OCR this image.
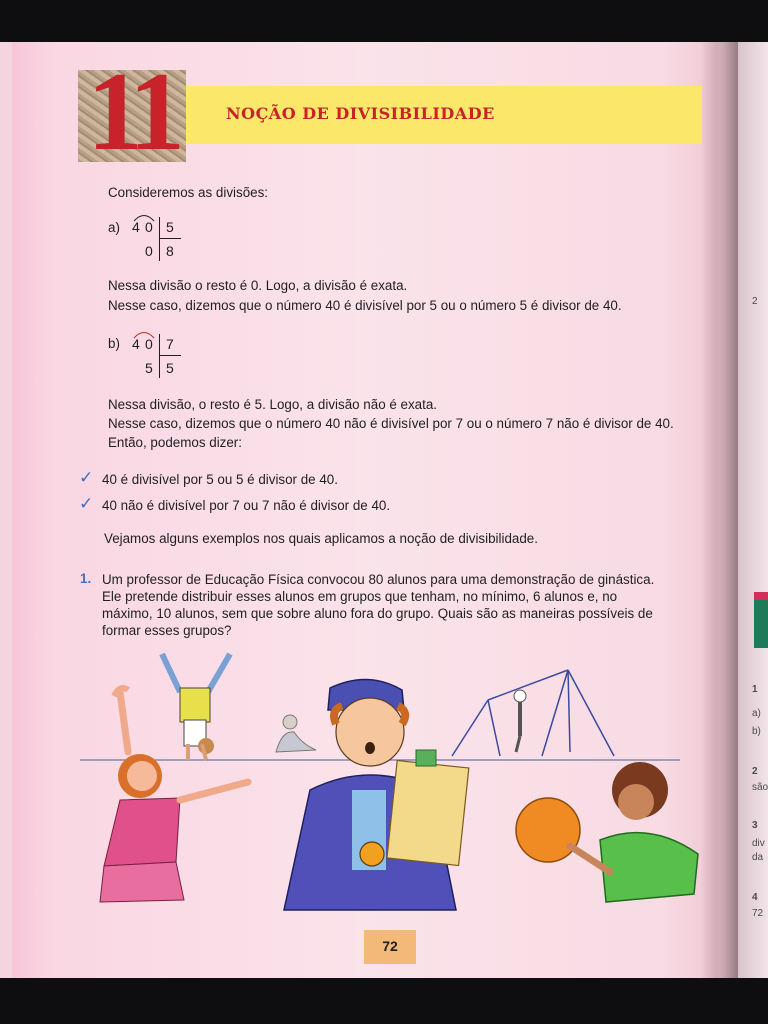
2
1
a)
b)
2
são
3
div
da
4
72
11	NOÇÃO DE DIVISIBILIDADE
Consideremos as divisões:
a) 4 0 5
0 8
Nessa divisão o resto é 0. Logo, a divisão é exata.
Nesse caso, dizemos que o número 40 é divisível por 5 ou o número 5 é divisor de 40.
b) 4 0 7
5 5
Nessa divisão, o resto é 5. Logo, a divisão não é exata.
Nesse caso, dizemos que o número 40 não é divisível por 7 ou o número 7 não é divisor de 40.
Então, podemos dizer:
✓ 40 é divisível por 5 ou 5 é divisor de 40.
✓ 40 não é divisível por 7 ou 7 não é divisor de 40.
Vejamos alguns exemplos nos quais aplicamos a noção de divisibilidade.
1. Um professor de Educação Física convocou 80 alunos para uma demonstração de ginástica.
Ele pretende distribuir esses alunos em grupos que tenham, no mínimo, 6 alunos e, no
máximo, 10 alunos, sem que sobre aluno fora do grupo. Quais são as maneiras possíveis de
formar esses grupos?
72
